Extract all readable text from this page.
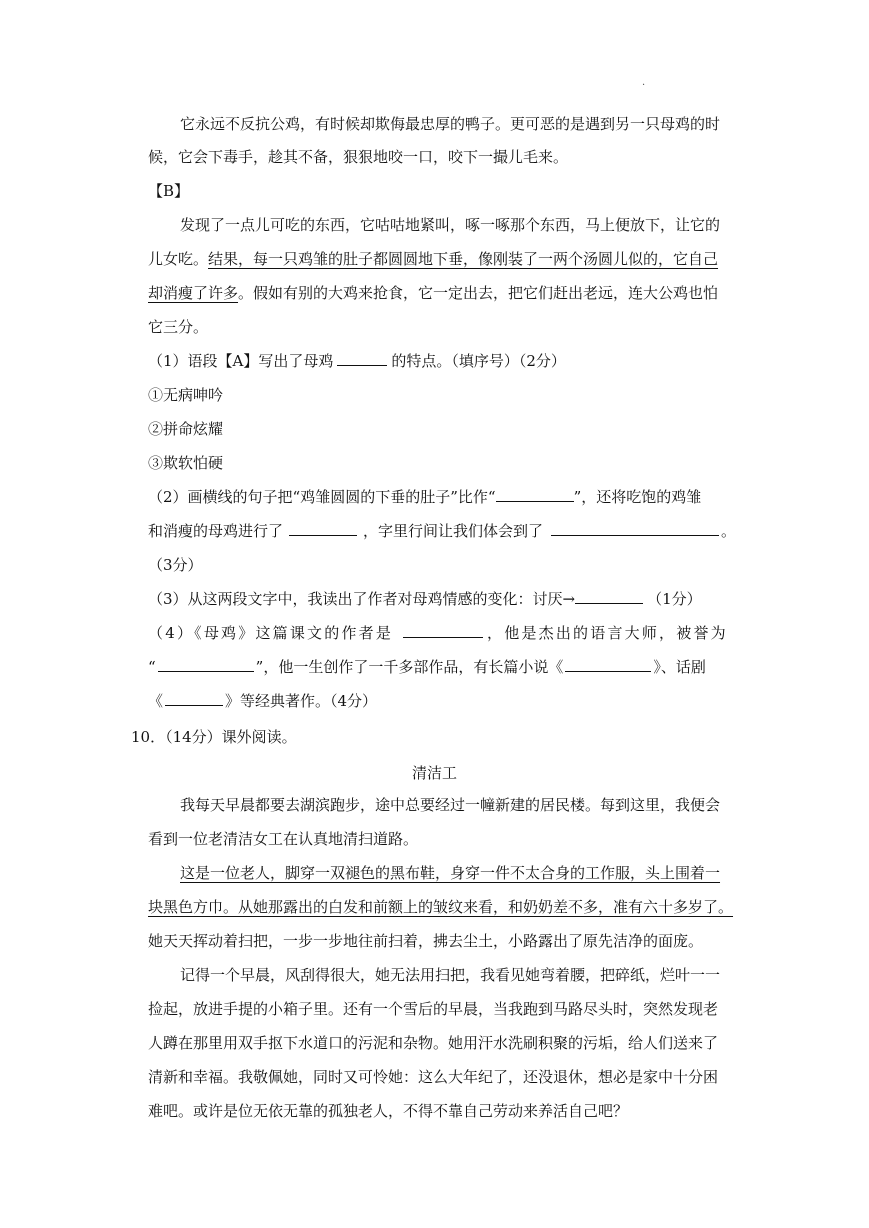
·
它永远不反抗公鸡，有时候却欺侮最忠厚的鸭子。更可恶的是遇到另一只母鸡的时
候，它会下毒手，趁其不备，狠狠地咬一口，咬下一撮儿毛来。
【B】
发现了一点儿可吃的东西，它咕咕地紧叫，啄一啄那个东西，马上便放下，让它的
儿女吃。结果，每一只鸡雏的肚子都圆圆地下垂，像刚装了一两个汤圆儿似的，它自己
却消瘦了许多。假如有别的大鸡来抢食，它一定出去，把它们赶出老远，连大公鸡也怕
它三分。
（1）语段【A】写出了母鸡	的特点。（填序号）（2分）
①无病呻吟
②拼命炫耀
③欺软怕硬
（2）画横线的句子把“鸡雏圆圆的下垂的肚子”比作“	”，还将吃饱的鸡雏
和消瘦的母鸡进行了	，字里行间让我们体会到了	。
（3分）
（3）从这两段文字中，我读出了作者对母鸡情感的变化：讨厌→	（1分）
（4）《母鸡》这篇课文的作者是	，他是杰出的语言大师，被誉为
“	”，他一生创作了一千多部作品，有长篇小说《	》、话剧
《	》等经典著作。（4分）
10．（14分）课外阅读。
清洁工
我每天早晨都要去湖滨跑步，途中总要经过一幢新建的居民楼。每到这里，我便会
看到一位老清洁女工在认真地清扫道路。
这是一位老人，脚穿一双褪色的黑布鞋，身穿一件不太合身的工作服，头上围着一
块黑色方巾。从她那露出的白发和前额上的皱纹来看，和奶奶差不多，准有六十多岁了。
她天天挥动着扫把，一步一步地往前扫着，拂去尘土，小路露出了原先洁净的面庞。
记得一个早晨，风刮得很大，她无法用扫把，我看见她弯着腰，把碎纸，烂叶一一
捡起，放进手提的小箱子里。还有一个雪后的早晨，当我跑到马路尽头时，突然发现老
人蹲在那里用双手抠下水道口的污泥和杂物。她用汗水洗刷积聚的污垢，给人们送来了
清新和幸福。我敬佩她，同时又可怜她：这么大年纪了，还没退休，想必是家中十分困
难吧。或许是位无依无靠的孤独老人，不得不靠自己劳动来养活自己吧？
